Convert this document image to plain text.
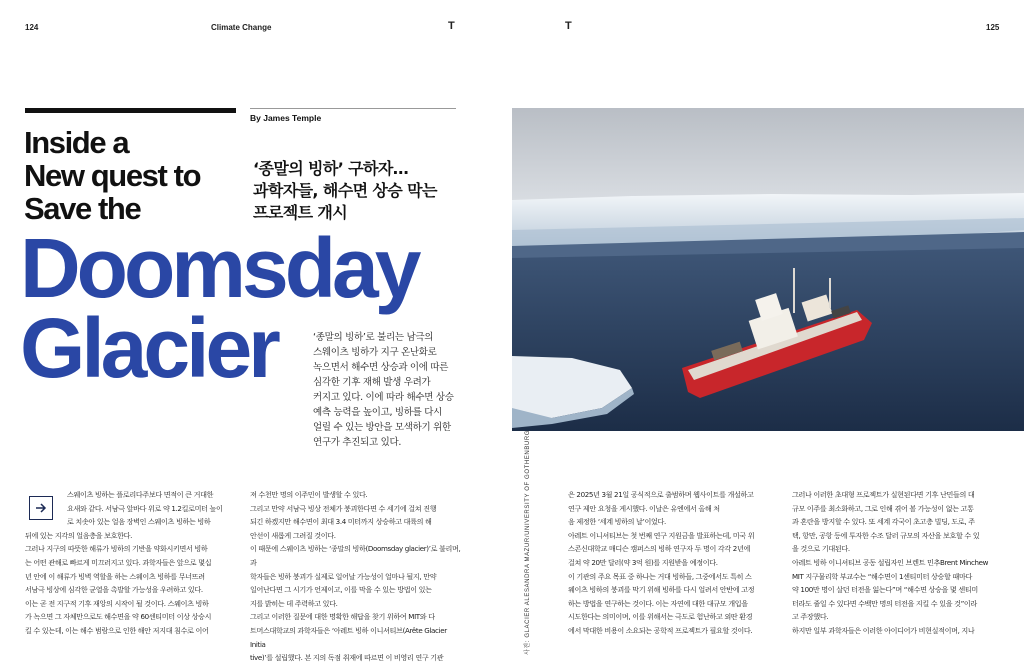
124	Climate Change	T	T	125
Inside a
New quest to
Save the
Doomsday
Glacier
By James Temple
‘종말의 빙하’ 구하자…
과학자들, 해수면 상승 막는
프로젝트 개시
‘종말의 빙하’로 불리는 남극의
스웨이츠 빙하가 지구 온난화로
녹으면서 해수면 상승과 이에 따른
심각한 기후 재해 발생 우려가
커지고 있다. 이에 따라 해수면 상승
예측 능력을 높이고, 빙하를 다시
얼릴 수 있는 방안을 모색하기 위한
연구가 추진되고 있다.	사진: GLACIER ALESANDRA MAZUR/UNIVERSITY OF GOTHENBURG

스웨이츠 빙하는 플로리다주보다 면적이 큰 거대한

요새와 같다. 서남극 앞바다 위로 약 1.2킬로미터 높이

로 치솟아 있는 얼음 장벽인 스웨이츠 빙하는 빙하

뒤에 있는 지각의 얼음층을 보호한다.

그러나 지구의 따뜻한 해류가 빙하의 기반을 약화시키면서 빙하

는 어떤 관해로 빠르게 미끄러지고 있다. 과학자들은 앞으로 몇십

년 안에 이 해류가 빙벽 역할을 하는 스웨이츠 빙하를 무너뜨려

서남극 빙상에 심각한 균열을 촉발할 가능성을 우려하고 있다.

이는 곧 전 지구적 기후 재앙의 시작이 될 것이다. 스웨이츠 빙하

가 녹으면 그 자체만으로도 해수면을 약 60센티미터 이상 상승시

킬 수 있는데, 이는 해수 범람으로 인한 해안 저지대 침수로 이어

져 수천만 명의 이주민이 발생할 수 있다.

그리고 만약 서남극 빙상 전체가 붕괴한다면 수 세기에 걸쳐 진행

되긴 하겠지만 해수면이 최대 3.4 미터까지 상승하고 대륙의 해

안선이 새롭게 그려질 것이다.

이 때문에 스웨이츠 빙하는 ‘종말의 빙하(Doomsday glacier)’로 불리며, 과

학자들은 빙하 붕괴가 실제로 일어날 가능성이 얼마나 될지, 만약

일어난다면 그 시기가 언제이고, 이를 막을 수 있는 방법이 있는

지를 밝히는 데 주력하고 있다.

그리고 이러한 질문에 대한 명확한 해답을 찾기 위하여 MIT와 다

트머스대학교의 과학자들은 ‘아레트 빙하 이니셔티브(Arête Glacier Initia

tive)’를 설립했다. 본 지의 독점 취재에 따르면 이 비영리 연구 기관

은 2025년 3월 21일 공식적으로 출범하며 웹사이트를 개설하고

연구 제안 요청을 게시했다. 이날은 유엔에서 올해 처

음 제정한 ‘세계 빙하의 날’이었다.

아레트 이니셔티브는 첫 번째 연구 지원금을 발표하는데, 미국 위

스콘신대학교 매디슨 캠퍼스의 빙하 연구자 두 명이 각각 2년에

걸쳐 약 20만 달러(약 3억 원)를 지원받을 예정이다.

이 기관의 주요 목표 중 하나는 거대 빙하들, 그중에서도 특히 스

웨이츠 빙하의 붕괴를 막기 위해 빙하를 다시 얼려서 안반에 고정

하는 방법을 연구하는 것이다. 이는 자연에 대한 대규모 개입을

시도한다는 의미이며, 이를 위해서는 극도로 험난하고 외딴 환경

에서 막대한 비용이 소요되는 공학적 프로젝트가 필요할 것이다.

그러나 이러한 초대형 프로젝트가 실현된다면 기후 난민들의 대

규모 이주를 최소화하고, 그로 인해 겪어 볼 가능성이 없는 고통

과 혼란을 방지할 수 있다. 또 세계 각국이 초고층 빌딩, 도로, 주

택, 항만, 공항 등에 투자한 수조 달러 규모의 자산을 보호할 수 있

을 것으로 기대된다.

아레트 빙하 이니셔티브 공동 설립자인 브렌트 민추Brent Minchew

MIT 지구물리학 부교수는 “해수면이 1센티미터 상승할 때마다

약 100만 명이 살던 터전을 잃는다”며 “해수면 상승을 몇 센티미

터라도 줄일 수 있다면 수백만 명의 터전을 지킬 수 있을 것”이라

고 주장했다.

하지만 일부 과학자들은 이러한 아이디어가 비현실적이며, 지나
